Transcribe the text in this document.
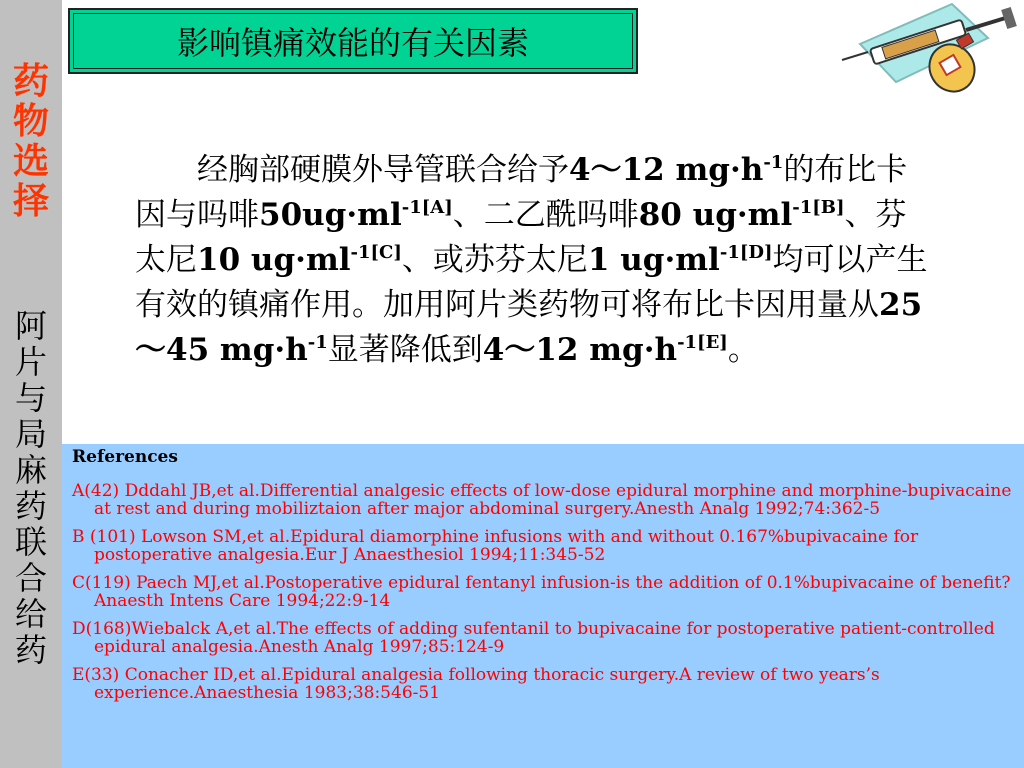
药
物
选
择
阿
片
与
局
麻
药
联
合
给
药
影响镇痛效能的有关因素
　　经胸部硬膜外导管联合给予4～12 $mg\cdot h^{-1}$的布比卡因与吗啡$50ug\cdot ml^{-1[A]}$、二乙酰吗啡80 $ug\cdot ml^{-1[B]}$、芬太尼10 $ug\cdot ml^{-1[C]}$、或苏芬太尼1 $ug\cdot ml^{-1[D]}$均可以产生有效的镇痛作用。加用阿片类药物可将布比卡因用量从25～45 $mg\cdot h^{-1}$显著降低到4～12 $mg\cdot h^{-1[E]}$。
References
A(42) Dddahl JB,et al.Differential analgesic effects of low-dose epidural morphine and morphine-bupivacaine at rest and during mobiliztaion after major abdominal surgery.Anesth Analg 1992;74:362-5
B (101) Lowson SM,et al.Epidural diamorphine infusions with and without 0.167%bupivacaine for postoperative analgesia.Eur J Anaesthesiol 1994;11:345-52
C(119) Paech MJ,et al.Postoperative epidural fentanyl infusion-is the addition of 0.1%bupivacaine of benefit?Anaesth Intens Care 1994;22:9-14
D(168)Wiebalck A,et al.The effects of adding sufentanil to bupivacaine for postoperative patient-controlled epidural analgesia.Anesth Analg 1997;85:124-9
E(33) Conacher ID,et al.Epidural analgesia following thoracic surgery.A review of two years’s experience.Anaesthesia 1983;38:546-51
